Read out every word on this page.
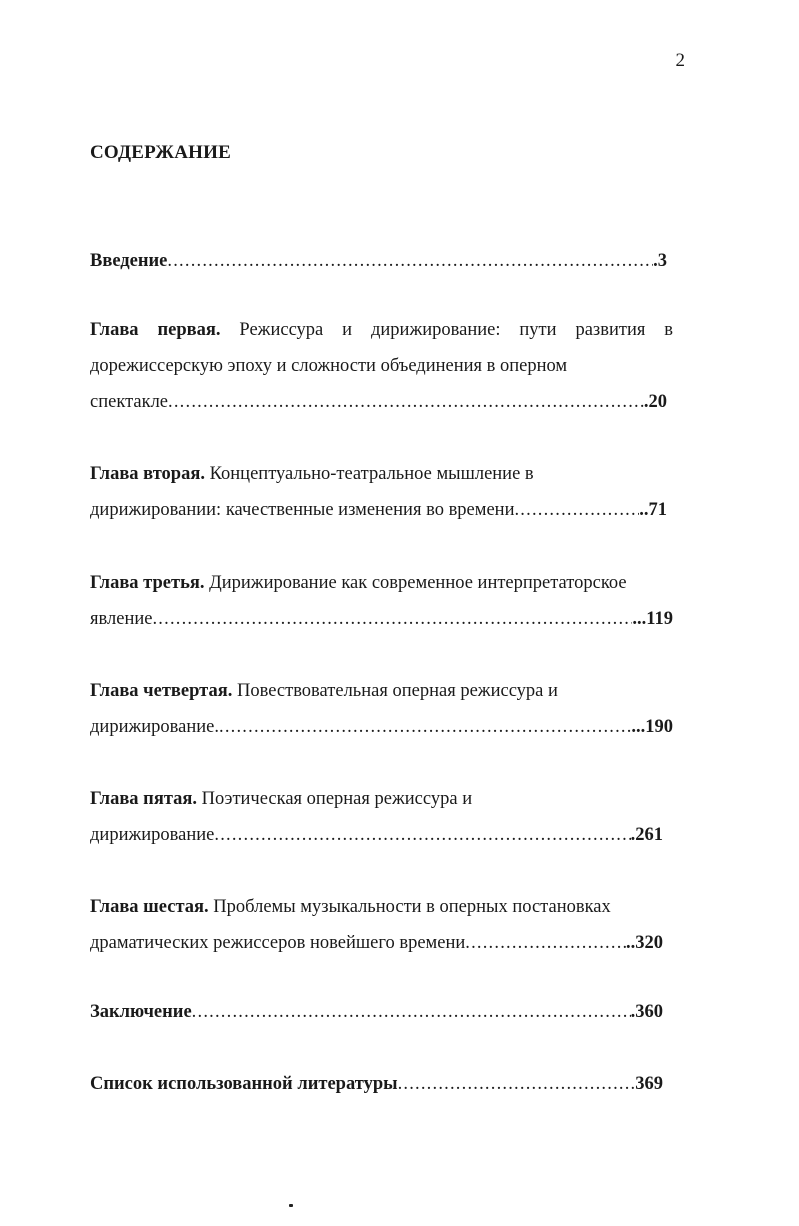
2
СОДЕРЖАНИЕ
Введение .....	.3
Глава первая. Режиссура и дирижирование: пути развития в дорежиссерскую эпоху и сложности объединения в оперном
спектакле .....	.20
Глава вторая. Концептуально-театральное мышление в
дирижировании: качественные изменения во времени .....	..71
Глава третья. Дирижирование как современное интерпретаторское
явление .....	...119
Глава четвертая. Повествовательная оперная режиссура и
дирижирование. .....	...190
Глава пятая. Поэтическая оперная режиссура и
дирижирование .....	.261
Глава шестая. Проблемы музыкальности в оперных постановках
драматических режиссеров новейшего времени .....	..320
Заключение .....	.360
Список использованной литературы .....	369
